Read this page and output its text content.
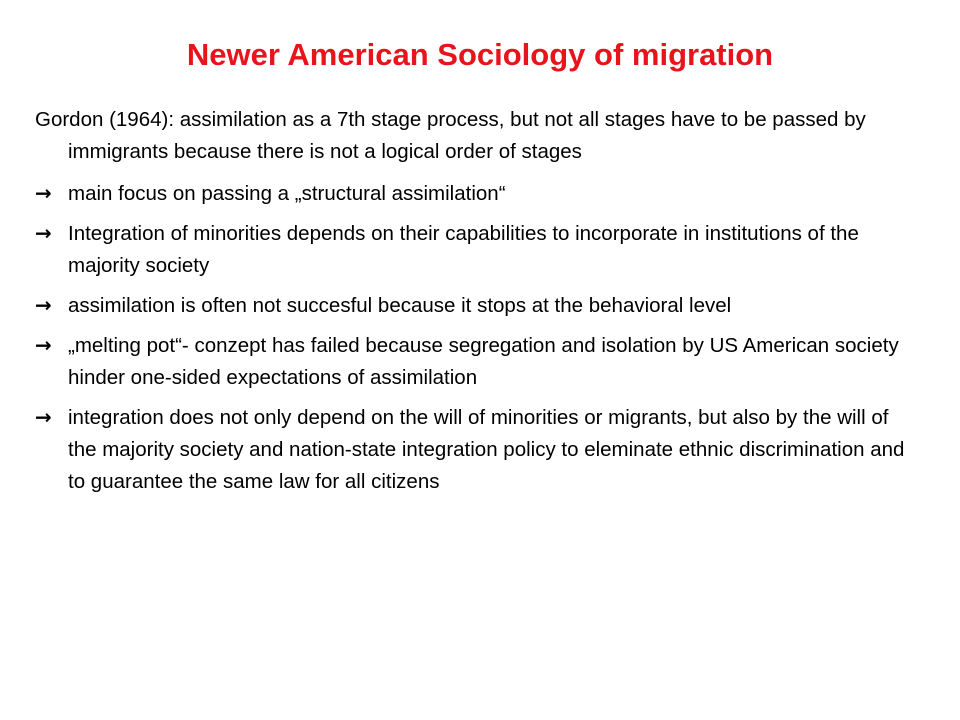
Newer American Sociology of migration

Gordon (1964): assimilation as a 7th stage process, but not all stages have to be passed by immigrants because there is not a logical order of stages

→main focus on passing a „structural assimilation“

→Integration of minorities depends on their capabilities to incorporate in institutions of the majority society

→assimilation is often not succesful because it stops at the behavioral level

→„melting pot“- conzept has failed because segregation and isolation by US American society hinder one-sided expectations of assimilation

→integration does not only depend on the will of minorities or migrants, but also by the will of the majority society and nation-state integration policy to eleminate ethnic discrimination and to guarantee the same law for all citizens
